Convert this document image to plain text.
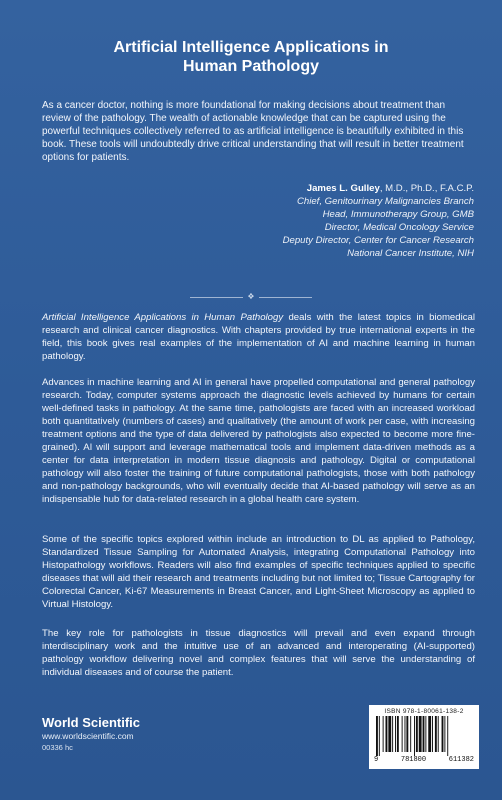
Artificial Intelligence Applications in
Human Pathology
As a cancer doctor, nothing is more foundational for making decisions about treatment than review of the pathology. The wealth of actionable knowledge that can be captured using the powerful techniques collectively referred to as artificial intelligence is beautifully exhibited in this book. These tools will undoubtedly drive critical understanding that will result in better treatment options for patients.
James L. Gulley, M.D., Ph.D., F.A.C.P.
Chief, Genitourinary Malignancies Branch
Head, Immunotherapy Group, GMB
Director, Medical Oncology Service
Deputy Director, Center for Cancer Research
National Cancer Institute, NIH
❖
Artificial Intelligence Applications in Human Pathology deals with the latest topics in biomedical research and clinical cancer diagnostics. With chapters provided by true international experts in the field, this book gives real examples of the implementation of AI and machine learning in human pathology.
Advances in machine learning and AI in general have propelled computational and general pathology research. Today, computer systems approach the diagnostic levels achieved by humans for certain well-defined tasks in pathology. At the same time, pathologists are faced with an increased workload both quantitatively (numbers of cases) and qualitatively (the amount of work per case, with increasing treatment options and the type of data delivered by pathologists also expected to become more fine-grained). AI will support and leverage mathematical tools and implement data-driven methods as a center for data interpretation in modern tissue diagnosis and pathology. Digital or computational pathology will also foster the training of future computational pathologists, those with both pathology and non-pathology backgrounds, who will eventually decide that AI-based pathology will serve as an indispensable hub for data-related research in a global health care system.
Some of the specific topics explored within include an introduction to DL as applied to Pathology, Standardized Tissue Sampling for Automated Analysis, integrating Computational Pathology into Histopathology workflows. Readers will also find examples of specific techniques applied to specific diseases that will aid their research and treatments including but not limited to; Tissue Cartography for Colorectal Cancer, Ki-67 Measurements in Breast Cancer, and Light-Sheet Microscopy as applied to Virtual Histology.
The key role for pathologists in tissue diagnostics will prevail and even expand through interdisciplinary work and the intuitive use of an advanced and interoperating (AI-supported) pathology workflow delivering novel and complex features that will serve the understanding of individual diseases and of course the patient.
World Scientific
www.worldscientific.com
00336 hc
ISBN 978-1-80061-138-2
9	781800	611382
